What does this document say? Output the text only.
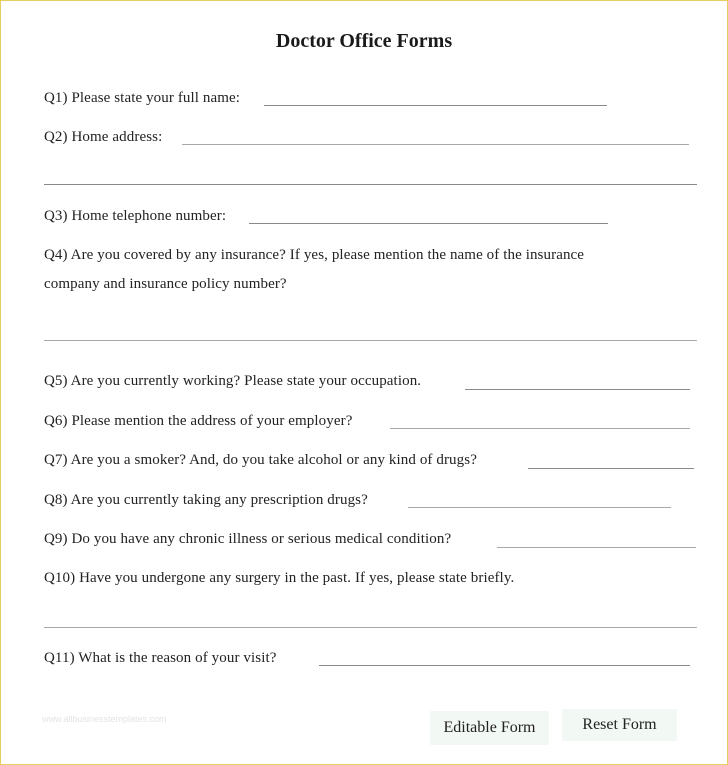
Doctor Office Forms
Q1) Please state your full name:
Q2) Home address:
Q3) Home telephone number:
Q4) Are you covered by any insurance? If yes, please mention the name of the insurance
company and insurance policy number?
Q5) Are you currently working? Please state your occupation.
Q6) Please mention the address of your employer?
Q7) Are you a smoker? And, do you take alcohol or any kind of drugs?
Q8) Are you currently taking any prescription drugs?
Q9) Do you have any chronic illness or serious medical condition?
Q10) Have you undergone any surgery in the past. If yes, please state briefly.
Q11) What is the reason of your visit?
www.allbusinesstemplates.com	Editable Form	Reset Form
